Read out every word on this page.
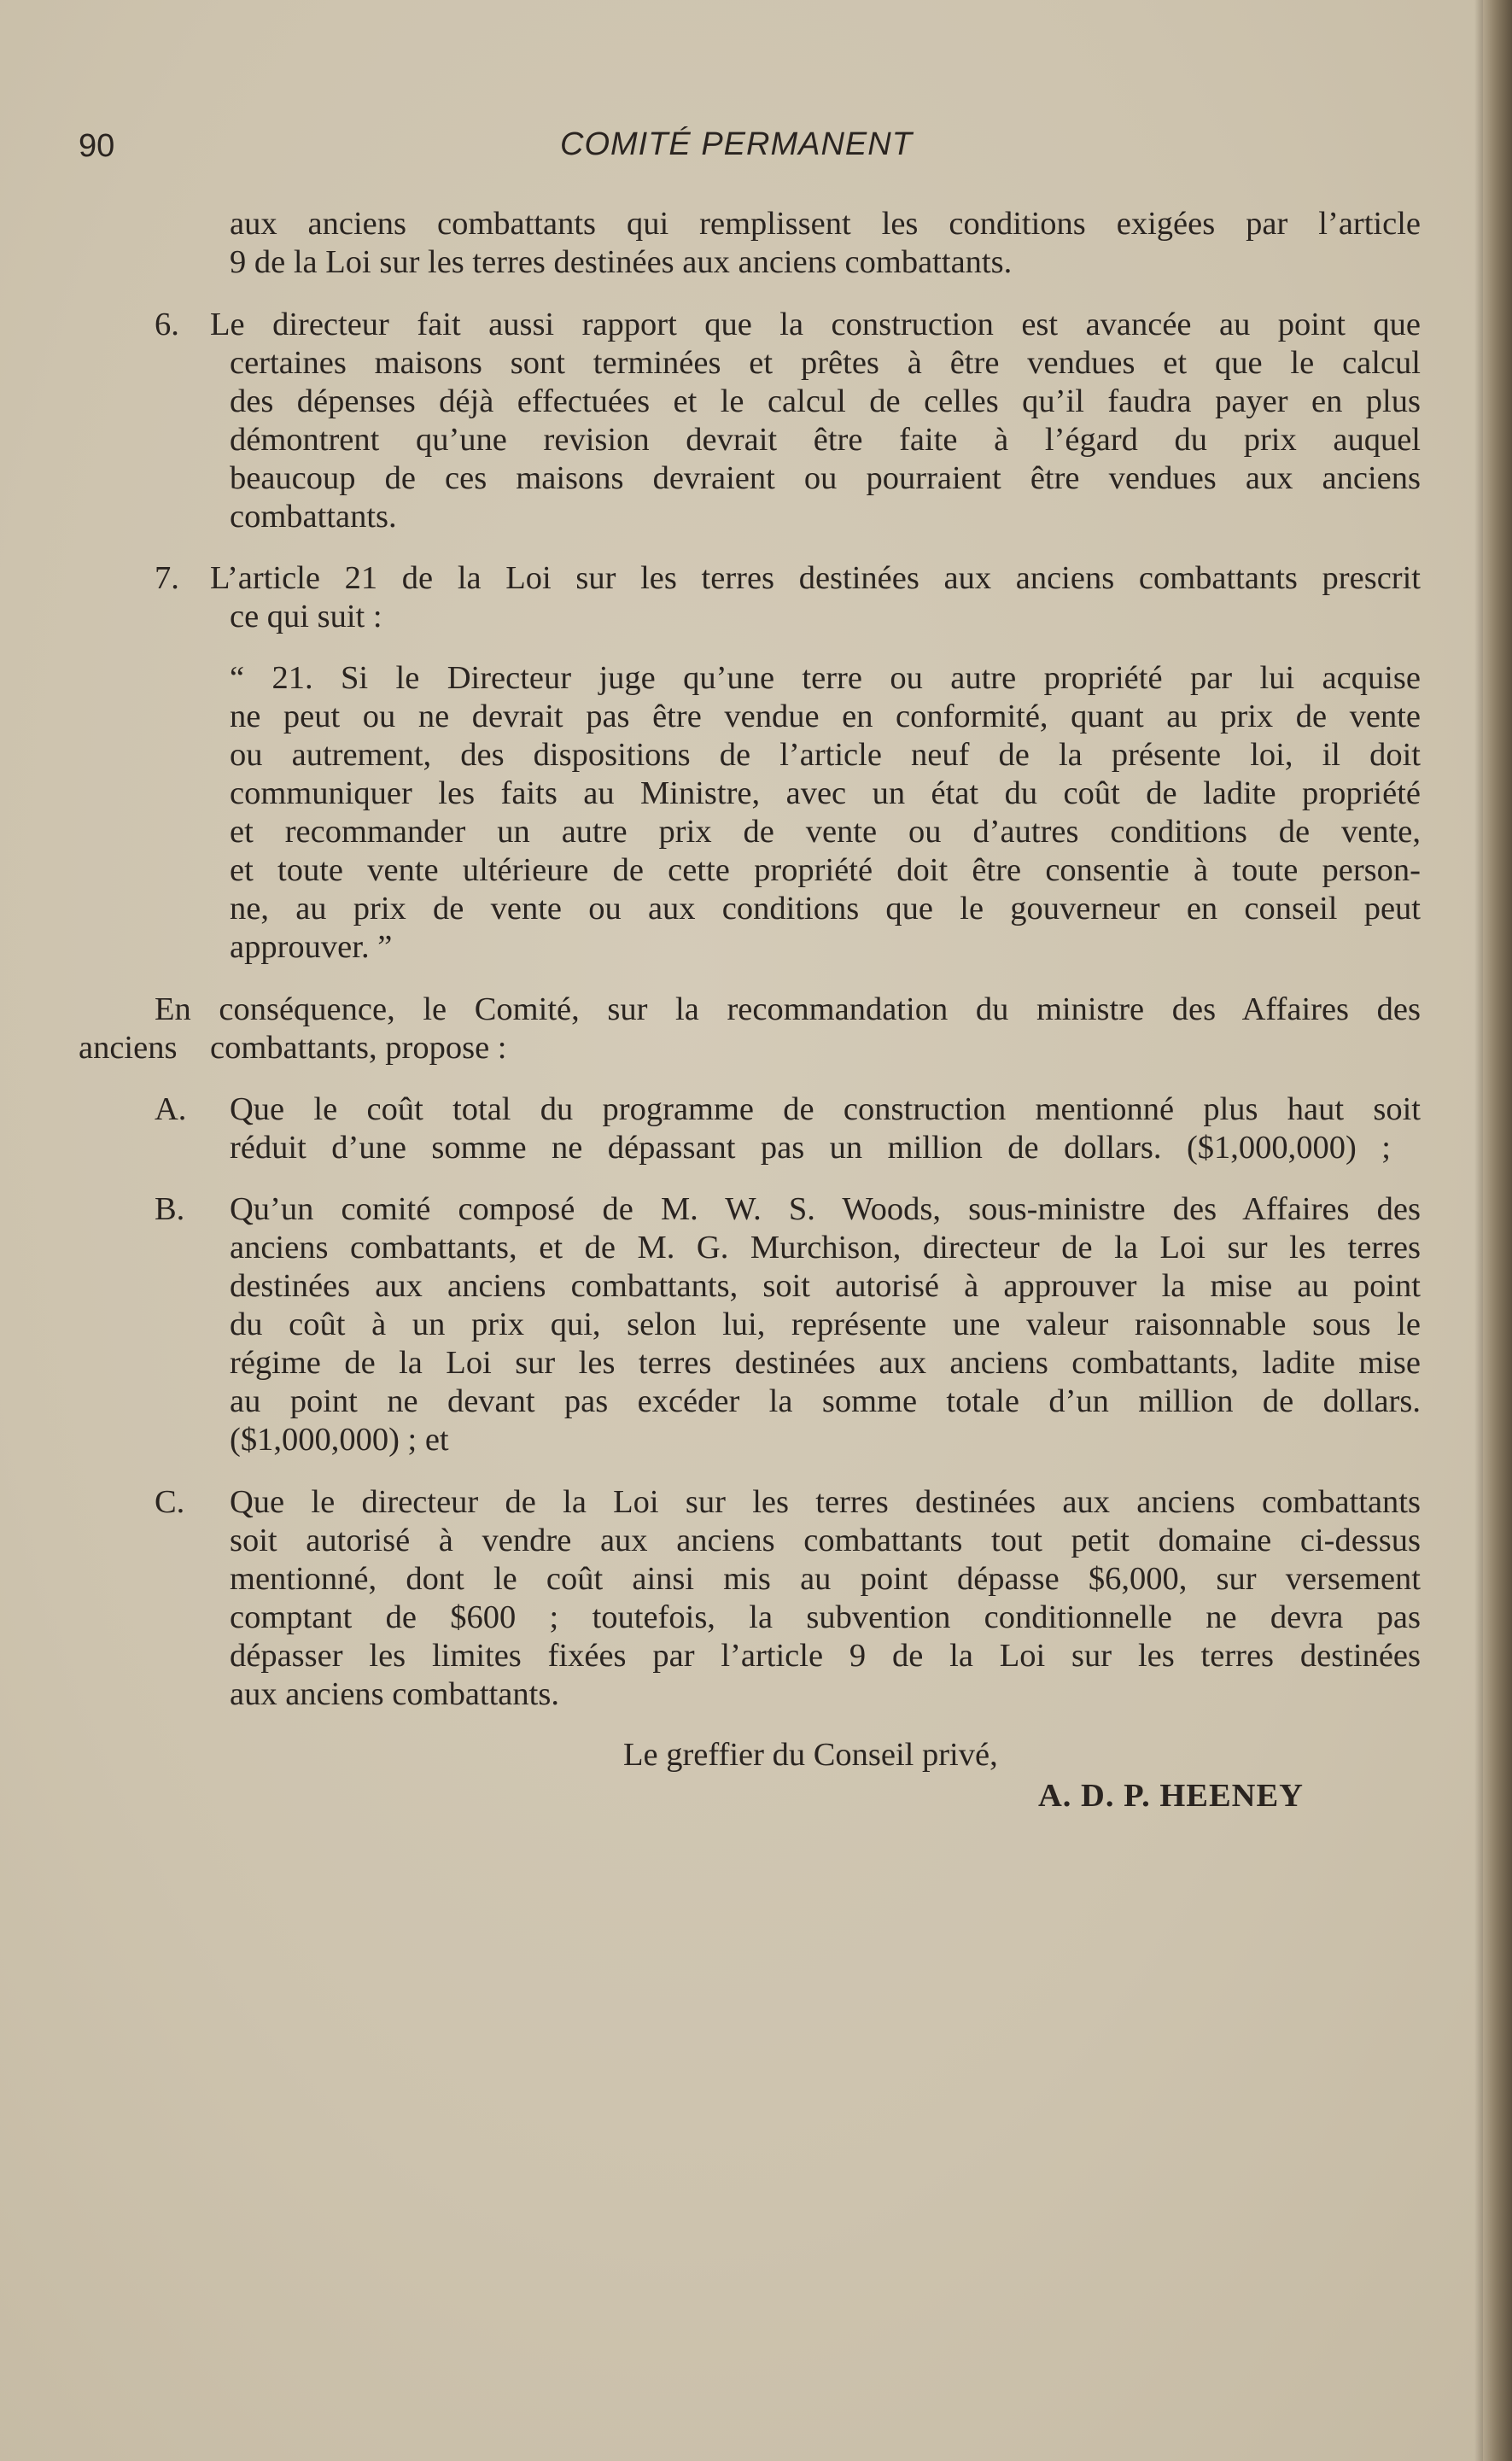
90	COMITÉ PERMANENT
aux anciens combattants qui remplissent les conditions exigées par l’article
9 de la Loi sur les terres destinées aux anciens combattants.
6. Le directeur fait aussi rapport que la construction est avancée au point que
certaines maisons sont terminées et prêtes à être vendues et que le calcul
des dépenses déjà effectuées et le calcul de celles qu’il faudra payer en plus
démontrent qu’une revision devrait être faite à l’égard du prix auquel
beaucoup de ces maisons devraient ou pourraient être vendues aux anciens
combattants.
7. L’article 21 de la Loi sur les terres destinées aux anciens combattants prescrit
ce qui suit :
“ 21. Si le Directeur juge qu’une terre ou autre propriété par lui acquise
ne peut ou ne devrait pas être vendue en conformité, quant au prix de vente
ou autrement, des dispositions de l’article neuf de la présente loi, il doit
communiquer les faits au Ministre, avec un état du coût de ladite propriété
et recommander un autre prix de vente ou d’autres conditions de vente,
et toute vente ultérieure de cette propriété doit être consentie à toute person-
ne, au prix de vente ou aux conditions que le gouverneur en conseil peut
approuver. ”
En conséquence, le Comité, sur la recommandation du ministre des Affaires des
anciens combattants, propose :
A. Que le coût total du programme de construction mentionné plus haut soit
réduit d’une somme ne dépassant pas un million de dollars. ($1,000,000) ;
B. Qu’un comité composé de M. W. S. Woods, sous-ministre des Affaires des
anciens combattants, et de M. G. Murchison, directeur de la Loi sur les terres
destinées aux anciens combattants, soit autorisé à approuver la mise au point
du coût à un prix qui, selon lui, représente une valeur raisonnable sous le
régime de la Loi sur les terres destinées aux anciens combattants, ladite mise
au point ne devant pas excéder la somme totale d’un million de dollars.
($1,000,000) ; et
C. Que le directeur de la Loi sur les terres destinées aux anciens combattants
soit autorisé à vendre aux anciens combattants tout petit domaine ci-dessus
mentionné, dont le coût ainsi mis au point dépasse $6,000, sur versement
comptant de $600 ; toutefois, la subvention conditionnelle ne devra pas
dépasser les limites fixées par l’article 9 de la Loi sur les terres destinées
aux anciens combattants.
Le greffier du Conseil privé,
A. D. P. HEENEY
